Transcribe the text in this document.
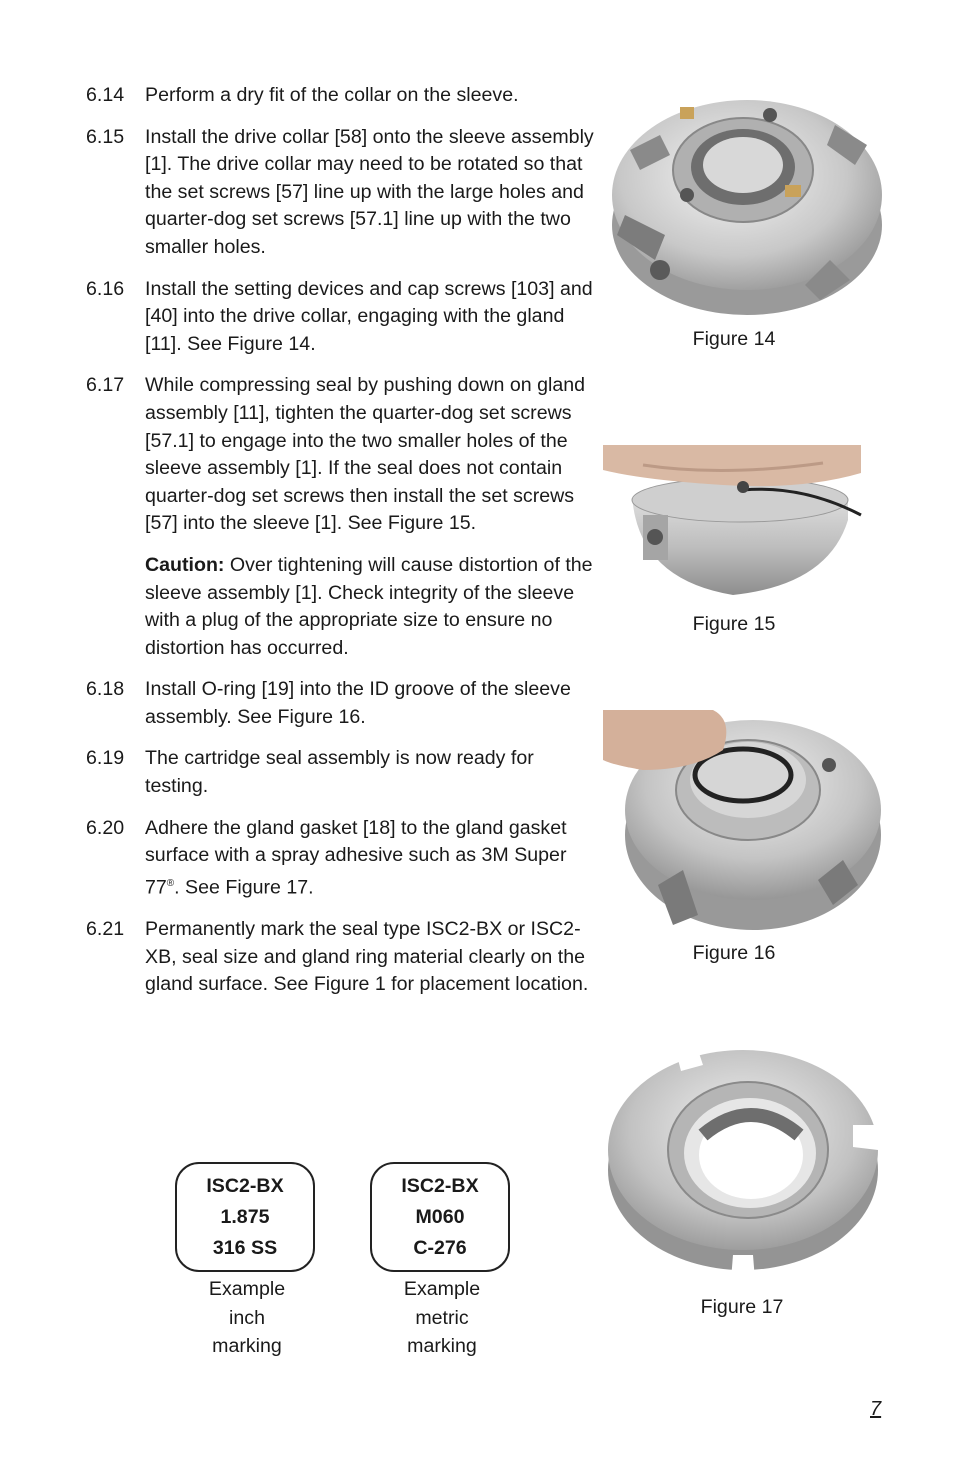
6.14	Perform a dry fit of the collar on the sleeve.
6.15	Install the drive collar [58] onto the sleeve assembly [1]. The drive collar may need to be rotated so that the set screws [57] line up with the large holes and quarter-dog set screws [57.1] line up with the two smaller holes.
6.16	Install the setting devices and cap screws [103] and [40] into the drive collar, engaging with the gland [11]. See Figure 14.
6.17	While compressing seal by pushing down on gland assembly [11], tighten the quarter-dog set screws [57.1] to engage into the two smaller holes of the sleeve assembly [1]. If the seal does not contain quarter-dog set screws then install the set screws [57] into the sleeve [1]. See Figure 15.
Caution: Over tightening will cause distortion of the sleeve assembly [1]. Check integrity of the sleeve with a plug of the appropriate size to ensure no distortion has occurred.
6.18	Install O-ring [19] into the ID groove of the sleeve assembly. See Figure 16.
6.19	The cartridge seal assembly is now ready for testing.
6.20	Adhere the gland gasket [18] to the gland gasket surface with a spray adhesive such as 3M Super 77®. See Figure 17.
6.21	Permanently mark the seal type ISC2-BX or ISC2-XB, seal size and gland ring material clearly on the gland surface. See Figure 1 for placement location.
ISC2-BX
1.875
316 SS
Example
inch
marking
ISC2-BX
M060
C-276
Example
metric
marking
Figure 14
Figure 15
Figure 16
Figure 17
7
